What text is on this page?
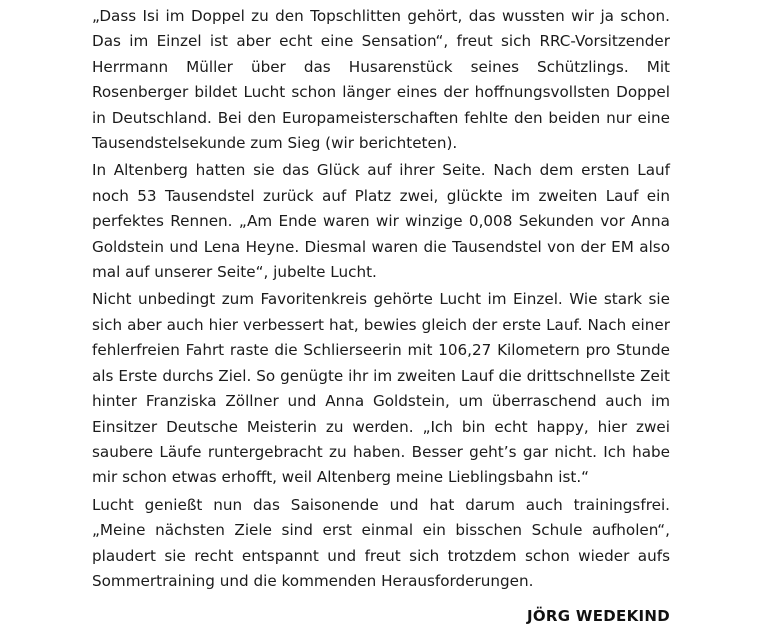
„Dass Isi im Doppel zu den Topschlitten gehört, das wussten wir ja schon. Das im Einzel ist aber echt eine Sensation“, freut sich RRC-Vorsitzender Herrmann Müller über das Husarenstück seines Schützlings. Mit Rosenberger bildet Lucht schon länger eines der hoffnungsvollsten Doppel in Deutschland. Bei den Europameisterschaften fehlte den beiden nur eine Tausendstelsekunde zum Sieg (wir berichteten).

In Altenberg hatten sie das Glück auf ihrer Seite. Nach dem ersten Lauf noch 53 Tausendstel zurück auf Platz zwei, glückte im zweiten Lauf ein perfektes Rennen. „Am Ende waren wir winzige 0,008 Sekunden vor Anna Goldstein und Lena Heyne. Diesmal waren die Tausendstel von der EM also mal auf unserer Seite“, jubelte Lucht.

Nicht unbedingt zum Favoritenkreis gehörte Lucht im Einzel. Wie stark sie sich aber auch hier verbessert hat, bewies gleich der erste Lauf. Nach einer fehlerfreien Fahrt raste die Schlierseerin mit 106,27 Kilometern pro Stunde als Erste durchs Ziel. So genügte ihr im zweiten Lauf die drittschnellste Zeit hinter Franziska Zöllner und Anna Goldstein, um überraschend auch im Einsitzer Deutsche Meisterin zu werden. „Ich bin echt happy, hier zwei saubere Läufe runtergebracht zu haben. Besser geht’s gar nicht. Ich habe mir schon etwas erhofft, weil Altenberg meine Lieblingsbahn ist.“

Lucht genießt nun das Saisonende und hat darum auch trainingsfrei. „Meine nächsten Ziele sind erst einmal ein bisschen Schule aufholen“, plaudert sie recht entspannt und freut sich trotzdem schon wieder aufs Sommertraining und die kommenden Herausforderungen.

JÖRG WEDEKIND
